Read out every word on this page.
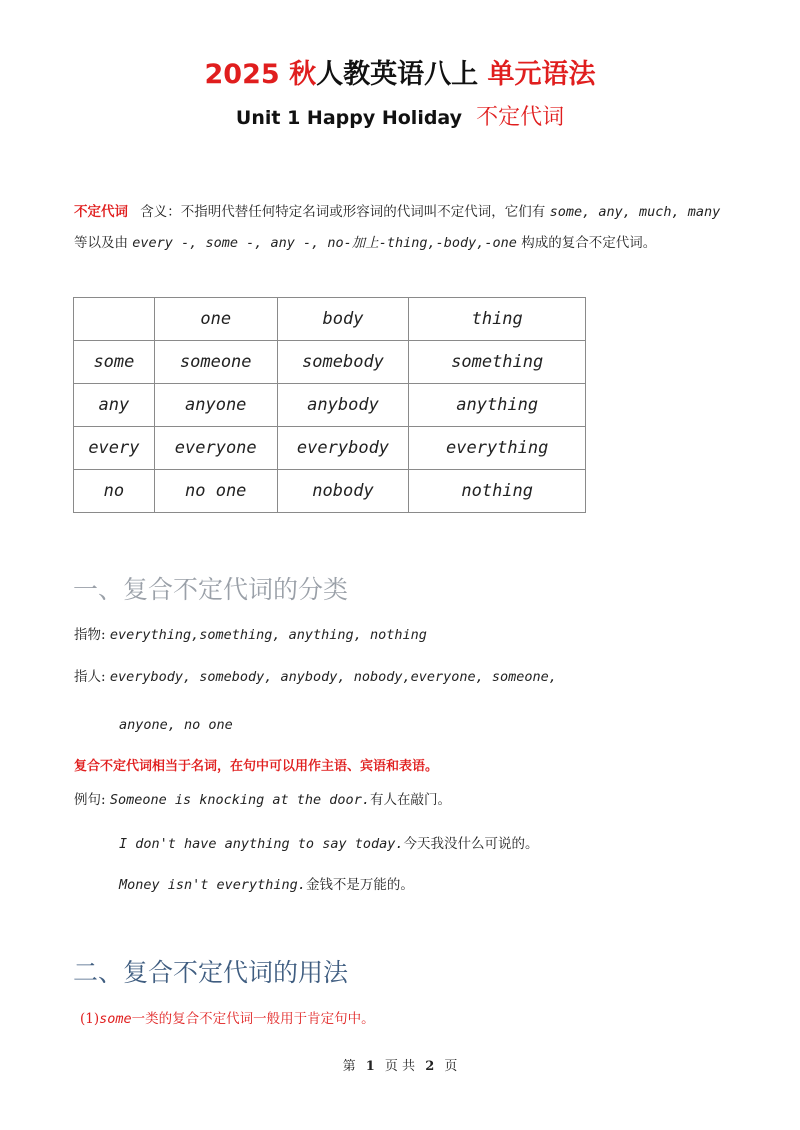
2025 秋人教英语八上 单元语法
Unit 1 Happy Holiday 不定代词
不定代词 含义：不指明代替任何特定名词或形容词的代词叫不定代词，它们有 some, any, much, many 等以及由 every -, some -, any -, no-加上-thing,-body,-one 构成的复合不定代词。
	one	body	thing
some	someone	somebody	something
any	anyone	anybody	anything
every	everyone	everybody	everything
no	no one	nobody	nothing
一、复合不定代词的分类
指物: everything,something, anything, nothing
指人: everybody, somebody, anybody, nobody,everyone, someone,
anyone, no one
复合不定代词相当于名词，在句中可以用作主语、宾语和表语。
例句: Someone is knocking at the door.有人在敲门。
I don't have anything to say today.今天我没什么可说的。
Money isn't everything.金钱不是万能的。
二、复合不定代词的用法
(1)some一类的复合不定代词一般用于肯定句中。
第 1 页 共 2 页
